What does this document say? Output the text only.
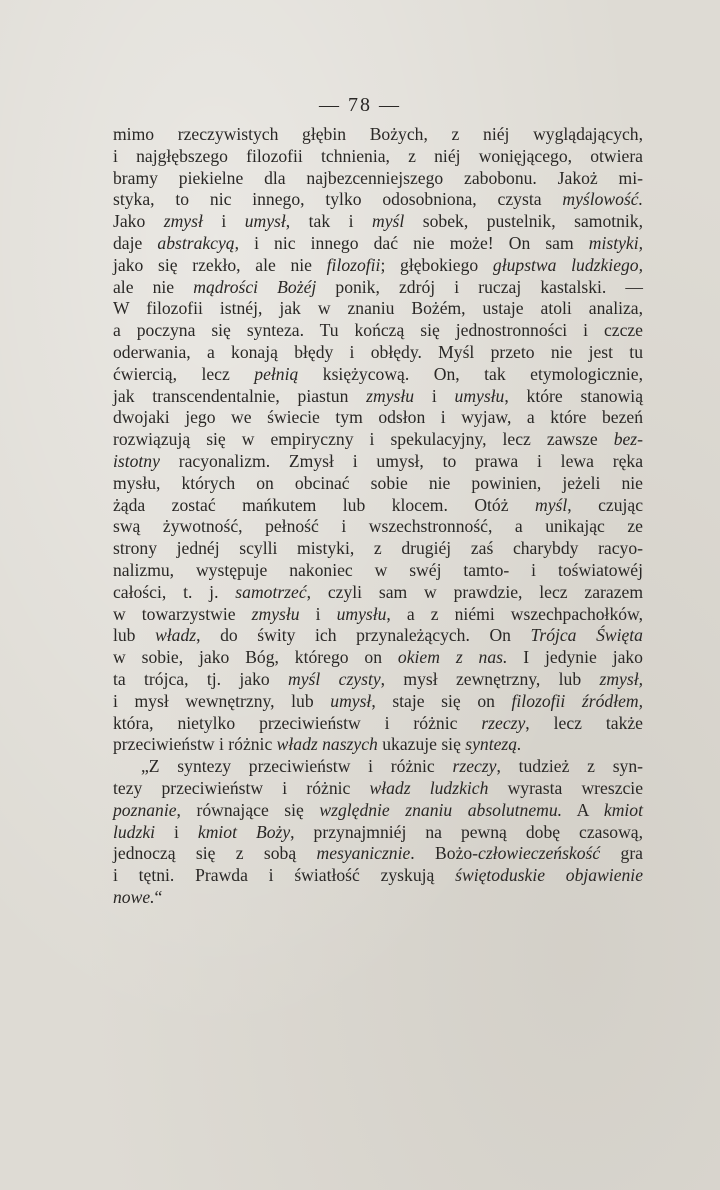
— 78 —
mimo rzeczywistych głębin Bożych, z niéj wyglądających,
i najgłębszego filozofii tchnienia, z niéj wonięjącego, otwiera
bramy piekielne dla najbezcenniejszego zabobonu. Jakoż mi-
styka, to nic innego, tylko odosobniona, czysta myślowość.
Jako zmysł i umysł, tak i myśl sobek, pustelnik, samotnik,
daje abstrakcyą, i nic innego dać nie może! On sam mistyki,
jako się rzekło, ale nie filozofii; głębokiego głupstwa ludzkiego,
ale nie mądrości Bożéj ponik, zdrój i ruczaj kastalski. —
W filozofii istnéj, jak w znaniu Bożém, ustaje atoli analiza,
a poczyna się synteza. Tu kończą się jednostronności i czcze
oderwania, a konają błędy i obłędy. Myśl przeto nie jest tu
ćwiercią, lecz pełnią księżycową. On, tak etymologicznie,
jak transcendentalnie, piastun zmysłu i umysłu, które stanowią
dwojaki jego we świecie tym odsłon i wyjaw, a które bezeń
rozwiązują się w empiryczny i spekulacyjny, lecz zawsze bez-
istotny racyonalizm. Zmysł i umysł, to prawa i lewa ręka
mysłu, których on obcinać sobie nie powinien, jeżeli nie
żąda zostać mańkutem lub klocem. Otóż myśl, czując
swą żywotność, pełność i wszechstronność, a unikając ze
strony jednéj scylli mistyki, z drugiéj zaś charybdy racyo-
nalizmu, występuje nakoniec w swéj tamto- i toświatowéj
całości, t. j. samotrzeć, czyli sam w prawdzie, lecz zarazem
w towarzystwie zmysłu i umysłu, a z niémi wszechpachołków,
lub władz, do świty ich przynależących. On Trójca Święta
w sobie, jako Bóg, którego on okiem z nas. I jedynie jako
ta trójca, tj. jako myśl czysty, mysł zewnętrzny, lub zmysł,
i mysł wewnętrzny, lub umysł, staje się on filozofii źródłem,
która, nietylko przeciwieństw i różnic rzeczy, lecz także
przeciwieństw i różnic władz naszych ukazuje się syntezą.
„Z syntezy przeciwieństw i różnic rzeczy, tudzież z syn-
tezy przeciwieństw i różnic władz ludzkich wyrasta wreszcie
poznanie, równające się względnie znaniu absolutnemu. A kmiot
ludzki i kmiot Boży, przynajmniéj na pewną dobę czasową,
jednoczą się z sobą mesyanicznie. Bożo-człowieczeńskość gra
i tętni. Prawda i światłość zyskują świętoduskie objawienie
nowe.“
